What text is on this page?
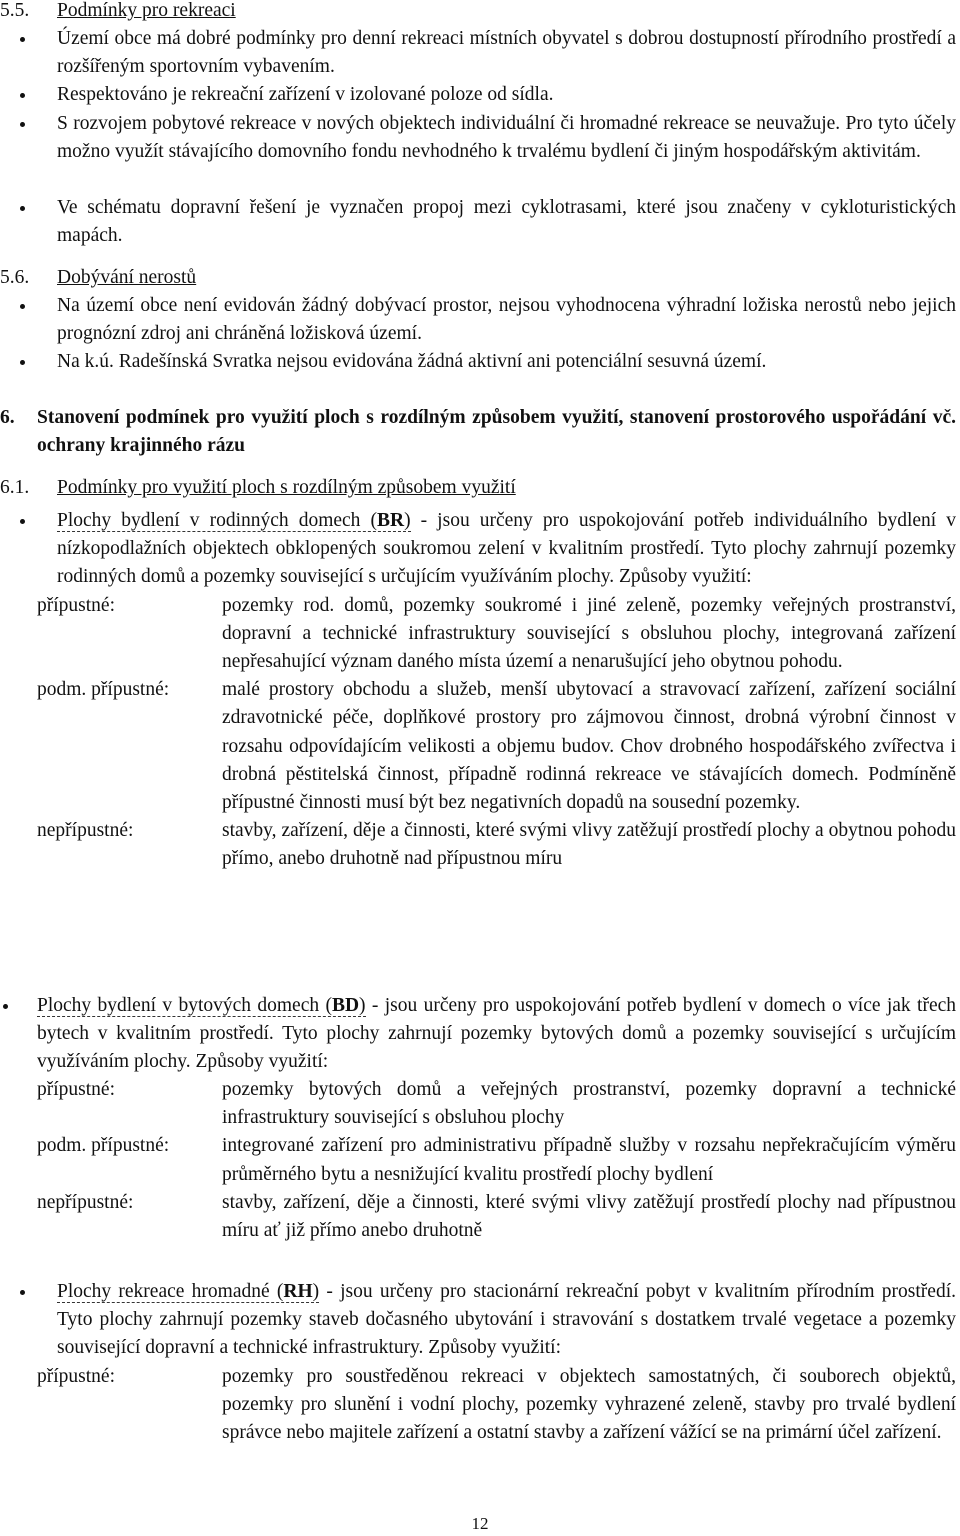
5.5. Podmínky pro rekreaci
Území obce má dobré podmínky pro denní rekreaci místních obyvatel s dobrou dostupností přírodního prostředí a rozšířeným sportovním vybavením.
Respektováno je rekreační zařízení v izolované poloze od sídla.
S rozvojem pobytové rekreace v nových objektech individuální či hromadné rekreace se neuvažuje. Pro tyto účely možno využít stávajícího domovního fondu nevhodného k trvalému bydlení či jiným hospodářským aktivitám.
Ve schématu dopravní řešení je vyznačen propoj mezi cyklotrasami, které jsou značeny v cykloturistických mapách.
5.6. Dobývání nerostů
Na území obce není evidován žádný dobývací prostor, nejsou vyhodnocena výhradní ložiska nerostů nebo jejich prognózní zdroj ani chráněná ložisková území.
Na k.ú. Radešínská Svratka nejsou evidována žádná aktivní ani potenciální sesuvná území.
6. Stanovení podmínek pro využití ploch s rozdílným způsobem využití, stanovení prostorového uspořádání vč. ochrany krajinného rázu
6.1. Podmínky pro využití ploch s rozdílným způsobem využití
Plochy bydlení v rodinných domech (BR) - jsou určeny pro uspokojování potřeb individuálního bydlení v nízkopodlažních objektech obklopených soukromou zelení v kvalitním prostředí. Tyto plochy zahrnují pozemky rodinných domů a pozemky související s určujícím využíváním plochy. Způsoby využití:
přípustné:	pozemky rod. domů, pozemky soukromé i jiné zeleně, pozemky veřejných prostranství, dopravní a technické infrastruktury související s obsluhou plochy, integrovaná zařízení nepřesahující význam daného místa území a nenarušující jeho obytnou pohodu.
podm. přípustné:	malé prostory obchodu a služeb, menší ubytovací a stravovací zařízení, zařízení sociální zdravotnické péče, doplňkové prostory pro zájmovou činnost, drobná výrobní činnost v rozsahu odpovídajícím velikosti a objemu budov. Chov drobného hospodářského zvířectva i drobná pěstitelská činnost, případně rodinná rekreace ve stávajících domech. Podmíněně přípustné činnosti musí být bez negativních dopadů na sousední pozemky.
nepřípustné:	stavby, zařízení, děje a činnosti, které svými vlivy zatěžují prostředí plochy a obytnou pohodu přímo, anebo druhotně nad přípustnou míru
Plochy bydlení v bytových domech (BD) - jsou určeny pro uspokojování potřeb bydlení v domech o více jak třech bytech v kvalitním prostředí. Tyto plochy zahrnují pozemky bytových domů a pozemky související s určujícím využíváním plochy. Způsoby využití:
přípustné:	pozemky bytových domů a veřejných prostranství, pozemky dopravní a technické infrastruktury související s obsluhou plochy
podm. přípustné:	integrované zařízení pro administrativu případně služby v rozsahu nepřekračujícím výměru průměrného bytu a nesnižující kvalitu prostředí plochy bydlení
nepřípustné:	stavby, zařízení, děje a činnosti, které svými vlivy zatěžují prostředí plochy nad přípustnou míru ať již přímo anebo druhotně
Plochy rekreace hromadné (RH) - jsou určeny pro stacionární rekreační pobyt v kvalitním přírodním prostředí. Tyto plochy zahrnují pozemky staveb dočasného ubytování i stravování s dostatkem trvalé vegetace a pozemky související dopravní a technické infrastruktury. Způsoby využití:
přípustné:	pozemky pro soustředěnou rekreaci v objektech samostatných, či souborech objektů, pozemky pro slunění i vodní plochy, pozemky vyhrazené zeleně, stavby pro trvalé bydlení správce nebo majitele zařízení a ostatní stavby a zařízení vážící se na primární účel zařízení.
12
